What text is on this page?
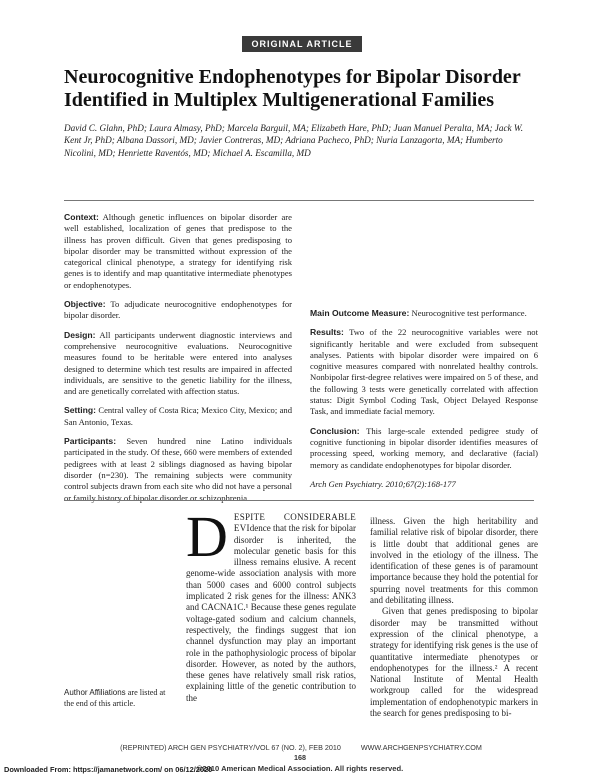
ORIGINAL ARTICLE
Neurocognitive Endophenotypes for Bipolar Disorder Identified in Multiplex Multigenerational Families
David C. Glahn, PhD; Laura Almasy, PhD; Marcela Barguil, MA; Elizabeth Hare, PhD; Juan Manuel Peralta, MA; Jack W. Kent Jr, PhD; Albana Dassori, MD; Javier Contreras, MD; Adriana Pacheco, PhD; Nuria Lanzagorta, MA; Humberto Nicolini, MD; Henriette Raventós, MD; Michael A. Escamilla, MD

Context: Although genetic influences on bipolar disorder are well established, localization of genes that predispose to the illness has proven difficult. Given that genes predisposing to bipolar disorder may be transmitted without expression of the categorical clinical phenotype, a strategy for identifying risk genes is to identify and map quantitative intermediate phenotypes or endophenotypes.

Objective: To adjudicate neurocognitive endophenotypes for bipolar disorder.

Design: All participants underwent diagnostic interviews and comprehensive neurocognitive evaluations. Neurocognitive measures found to be heritable were entered into analyses designed to determine which test results are impaired in affected individuals, are sensitive to the genetic liability for the illness, and are genetically correlated with affection status.

Setting: Central valley of Costa Rica; Mexico City, Mexico; and San Antonio, Texas.

Participants: Seven hundred nine Latino individuals participated in the study. Of these, 660 were members of extended pedigrees with at least 2 siblings diagnosed as having bipolar disorder (n=230). The remaining subjects were community control subjects drawn from each site who did not have a personal or family history of bipolar disorder or schizophrenia.

Main Outcome Measure: Neurocognitive test performance.

Results: Two of the 22 neurocognitive variables were not significantly heritable and were excluded from subsequent analyses. Patients with bipolar disorder were impaired on 6 cognitive measures compared with nonrelated healthy controls. Nonbipolar first-degree relatives were impaired on 5 of these, and the following 3 tests were genetically correlated with affection status: Digit Symbol Coding Task, Object Delayed Response Task, and immediate facial memory.

Conclusion: This large-scale extended pedigree study of cognitive functioning in bipolar disorder identifies measures of processing speed, working memory, and declarative (facial) memory as candidate endophenotypes for bipolar disorder.

Arch Gen Psychiatry. 2010;67(2):168-177

Author Affiliations are listed at the end of this article.

DESPITE CONSIDERABLE EVIdence that the risk for bipolar disorder is inherited, the molecular genetic basis for this illness remains elusive. A recent genome-wide association analysis with more than 5000 cases and 6000 control subjects implicated 2 risk genes for the illness: ANK3 and CACNA1C.¹ Because these genes regulate voltage-gated sodium and calcium channels, respectively, the findings suggest that ion channel dysfunction may play an important role in the pathophysiologic process of bipolar disorder. However, as noted by the authors, these genes have relatively small risk ratios, explaining little of the genetic contribution to the

illness. Given the high heritability and familial relative risk of bipolar disorder, there is little doubt that additional genes are involved in the etiology of the illness. The identification of these genes is of paramount importance because they hold the potential for spurring novel treatments for this common and debilitating illness.

Given that genes predisposing to bipolar disorder may be transmitted without expression of the clinical phenotype, a strategy for identifying risk genes is the use of quantitative intermediate phenotypes or endophenotypes for the illness.² A recent National Institute of Mental Health workgroup called for the widespread implementation of endophenotypic markers in the search for genes predisposing to bi-

(REPRINTED) ARCH GEN PSYCHIATRY/VOL 67 (NO. 2), FEB 2010          WWW.ARCHGENPSYCHIATRY.COM
168
©2010 American Medical Association. All rights reserved.
Downloaded From: https://jamanetwork.com/ on 06/12/2020
